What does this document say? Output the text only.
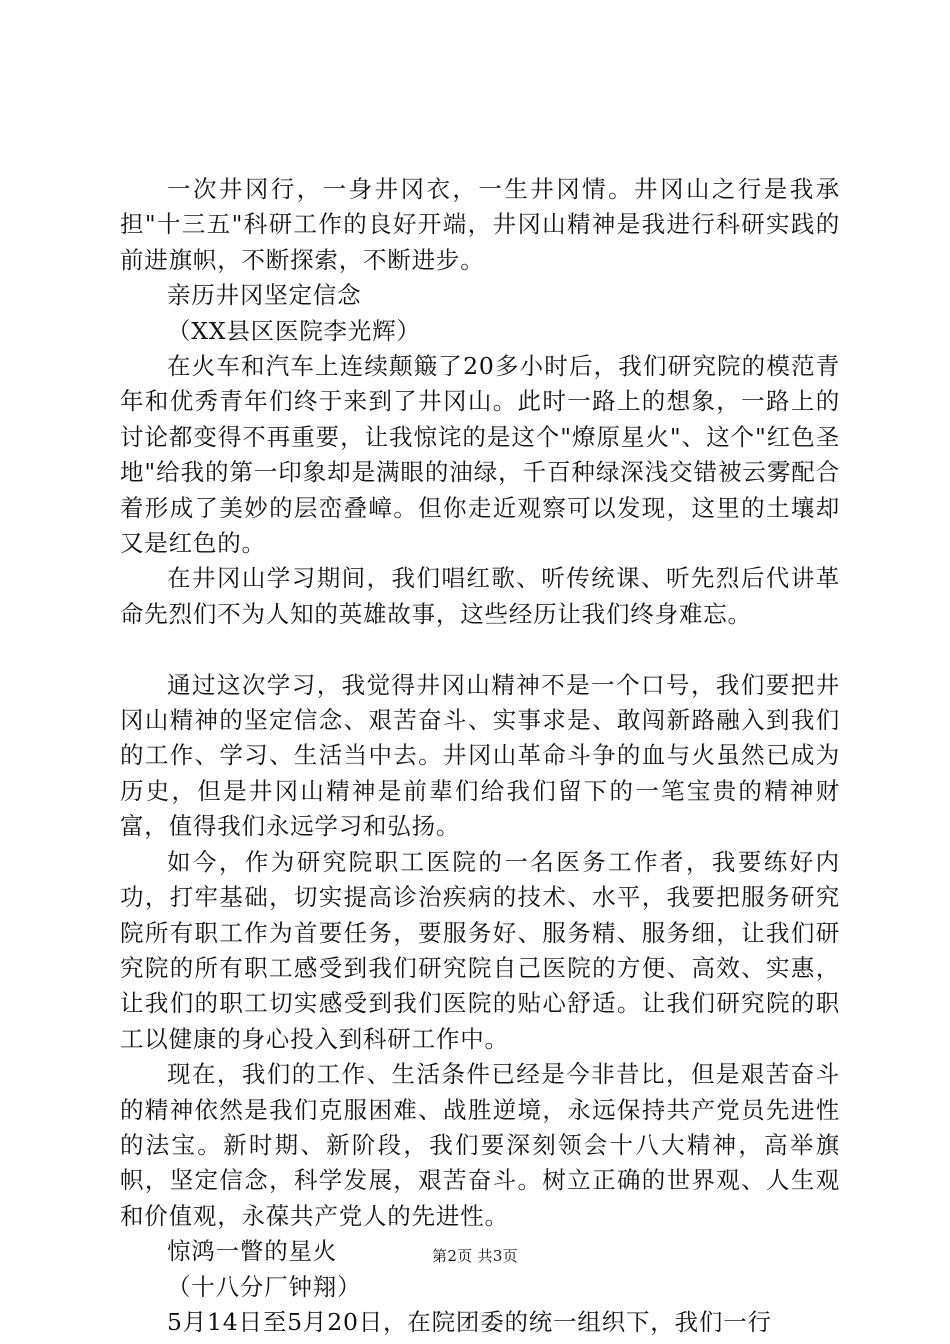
一次井冈行，一身井冈衣，一生井冈情。井冈山之行是我承担"十三五"科研工作的良好开端，井冈山精神是我进行科研实践的前进旗帜，不断探索，不断进步。

亲历井冈坚定信念

（XX县区医院李光辉）

在火车和汽车上连续颠簸了20多小时后，我们研究院的模范青年和优秀青年们终于来到了井冈山。此时一路上的想象，一路上的讨论都变得不再重要，让我惊诧的是这个"燎原星火"、这个"红色圣地"给我的第一印象却是满眼的油绿，千百种绿深浅交错被云雾配合着形成了美妙的层峦叠嶂。但你走近观察可以发现，这里的土壤却又是红色的。

在井冈山学习期间，我们唱红歌、听传统课、听先烈后代讲革命先烈们不为人知的英雄故事，这些经历让我们终身难忘。

通过这次学习，我觉得井冈山精神不是一个口号，我们要把井冈山精神的坚定信念、艰苦奋斗、实事求是、敢闯新路融入到我们的工作、学习、生活当中去。井冈山革命斗争的血与火虽然已成为历史，但是井冈山精神是前辈们给我们留下的一笔宝贵的精神财富，值得我们永远学习和弘扬。

如今，作为研究院职工医院的一名医务工作者，我要练好内功，打牢基础，切实提高诊治疾病的技术、水平，我要把服务研究院所有职工作为首要任务，要服务好、服务精、服务细，让我们研究院的所有职工感受到我们研究院自己医院的方便、高效、实惠，让我们的职工切实感受到我们医院的贴心舒适。让我们研究院的职工以健康的身心投入到科研工作中。

现在，我们的工作、生活条件已经是今非昔比，但是艰苦奋斗的精神依然是我们克服困难、战胜逆境，永远保持共产党员先进性的法宝。新时期、新阶段，我们要深刻领会十八大精神，高举旗帜，坚定信念，科学发展，艰苦奋斗。树立正确的世界观、人生观和价值观，永葆共产党人的先进性。

惊鸿一瞥的星火

（十八分厂钟翔）

5月14日至5月20日，在院团委的统一组织下，我们一行

第2页 共3页
